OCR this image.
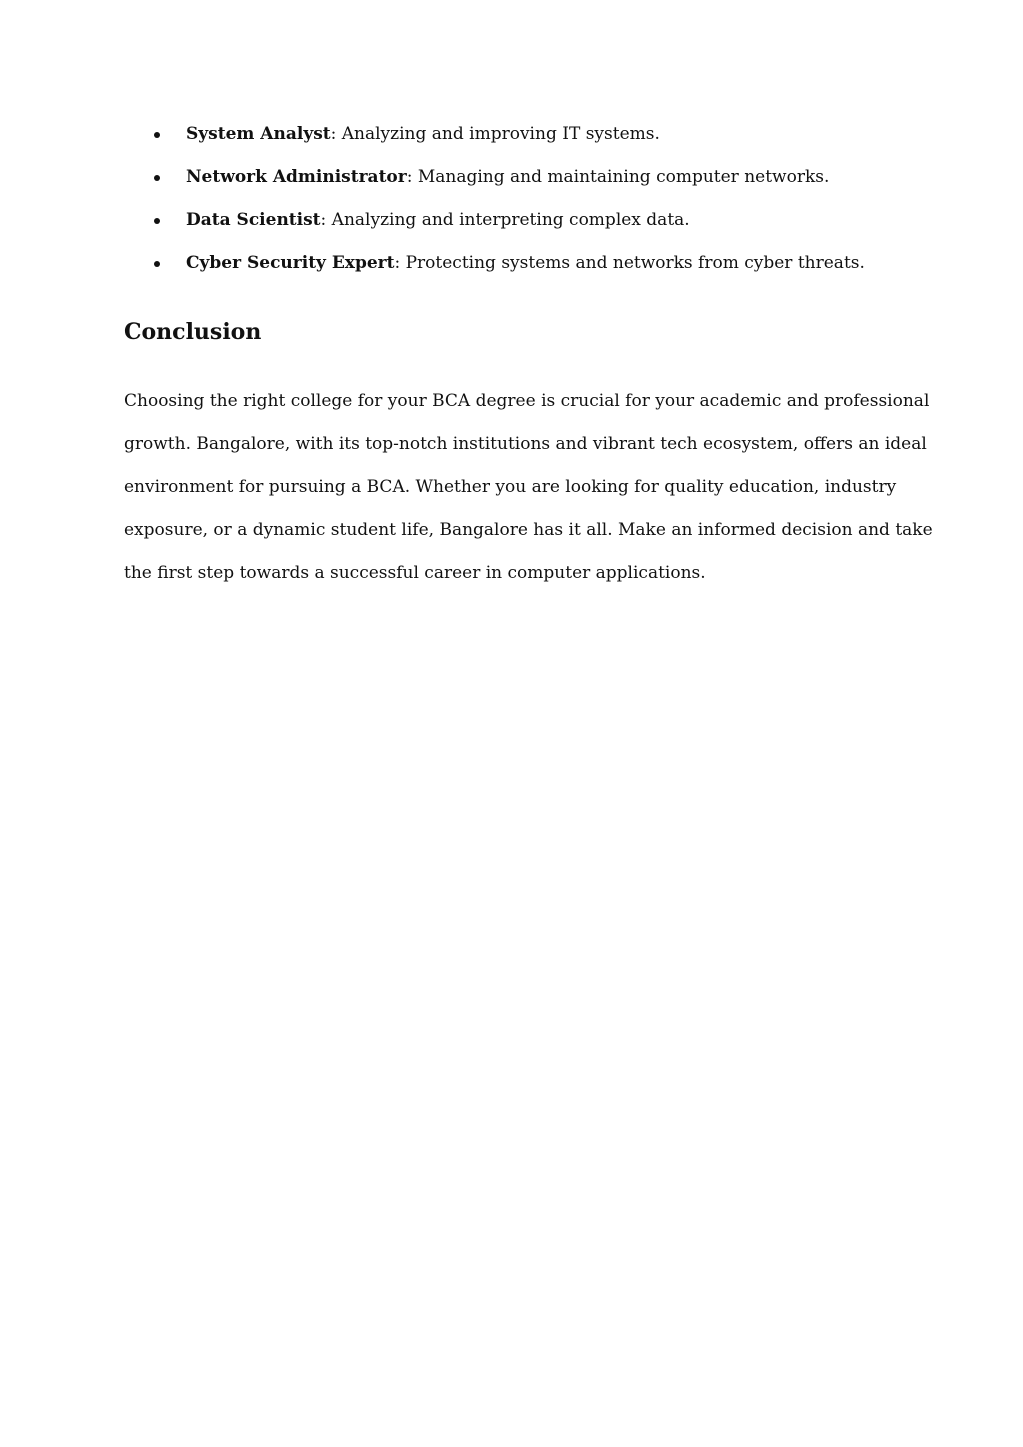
System Analyst: Analyzing and improving IT systems.
Network Administrator: Managing and maintaining computer networks.
Data Scientist: Analyzing and interpreting complex data.
Cyber Security Expert: Protecting systems and networks from cyber threats.
Conclusion
Choosing the right college for your BCA degree is crucial for your academic and professional
growth. Bangalore, with its top-notch institutions and vibrant tech ecosystem, offers an ideal
environment for pursuing a BCA. Whether you are looking for quality education, industry
exposure, or a dynamic student life, Bangalore has it all. Make an informed decision and take
the first step towards a successful career in computer applications.
